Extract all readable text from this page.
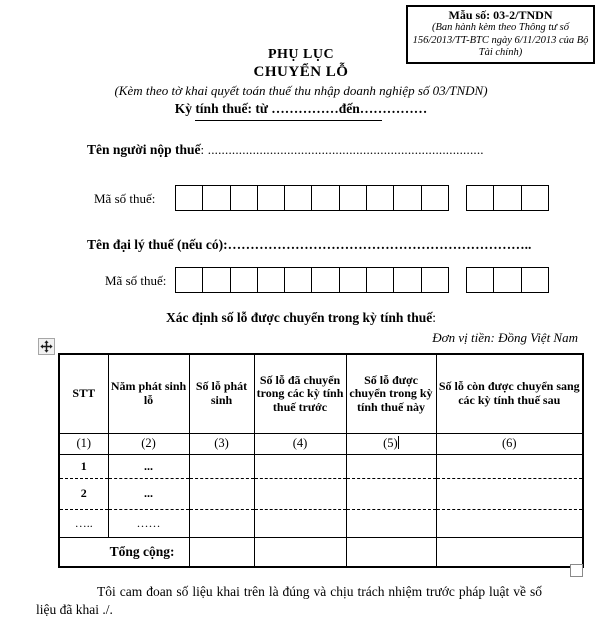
Mẫu số: 03-2/TNDN
(Ban hành kèm theo Thông tư số 156/2013/TT-BTC ngày 6/11/2013 của Bộ Tài chính)
PHỤ LỤC
CHUYỂN LỖ
(Kèm theo tờ khai quyết toán thuế thu nhập doanh nghiệp số 03/TNDN)
Kỳ tính thuế: từ ……………đến……………
Tên người nộp thuế: ................................................................................
Mã số thuế:
Tên đại lý thuế (nếu có):…………………………………………………………..
Mã số thuế:
Xác định số lỗ được chuyển trong kỳ tính thuế:
Đơn vị tiền: Đồng Việt Nam
STT	Năm phát sinh lỗ	Số lỗ phát sinh	Số lỗ đã chuyển trong các kỳ tính thuế trước	Số lỗ được chuyển trong kỳ tính thuế này	Số lỗ còn được chuyển sang các kỳ tính thuế sau
(1)	(2)	(3)	(4)	(5)	(6)
1	...				
2	...				
…..	……				
Tổng cộng:					
Tôi cam đoan số liệu khai trên là đúng và chịu trách nhiệm trước pháp luật về số liệu đã khai ./.
